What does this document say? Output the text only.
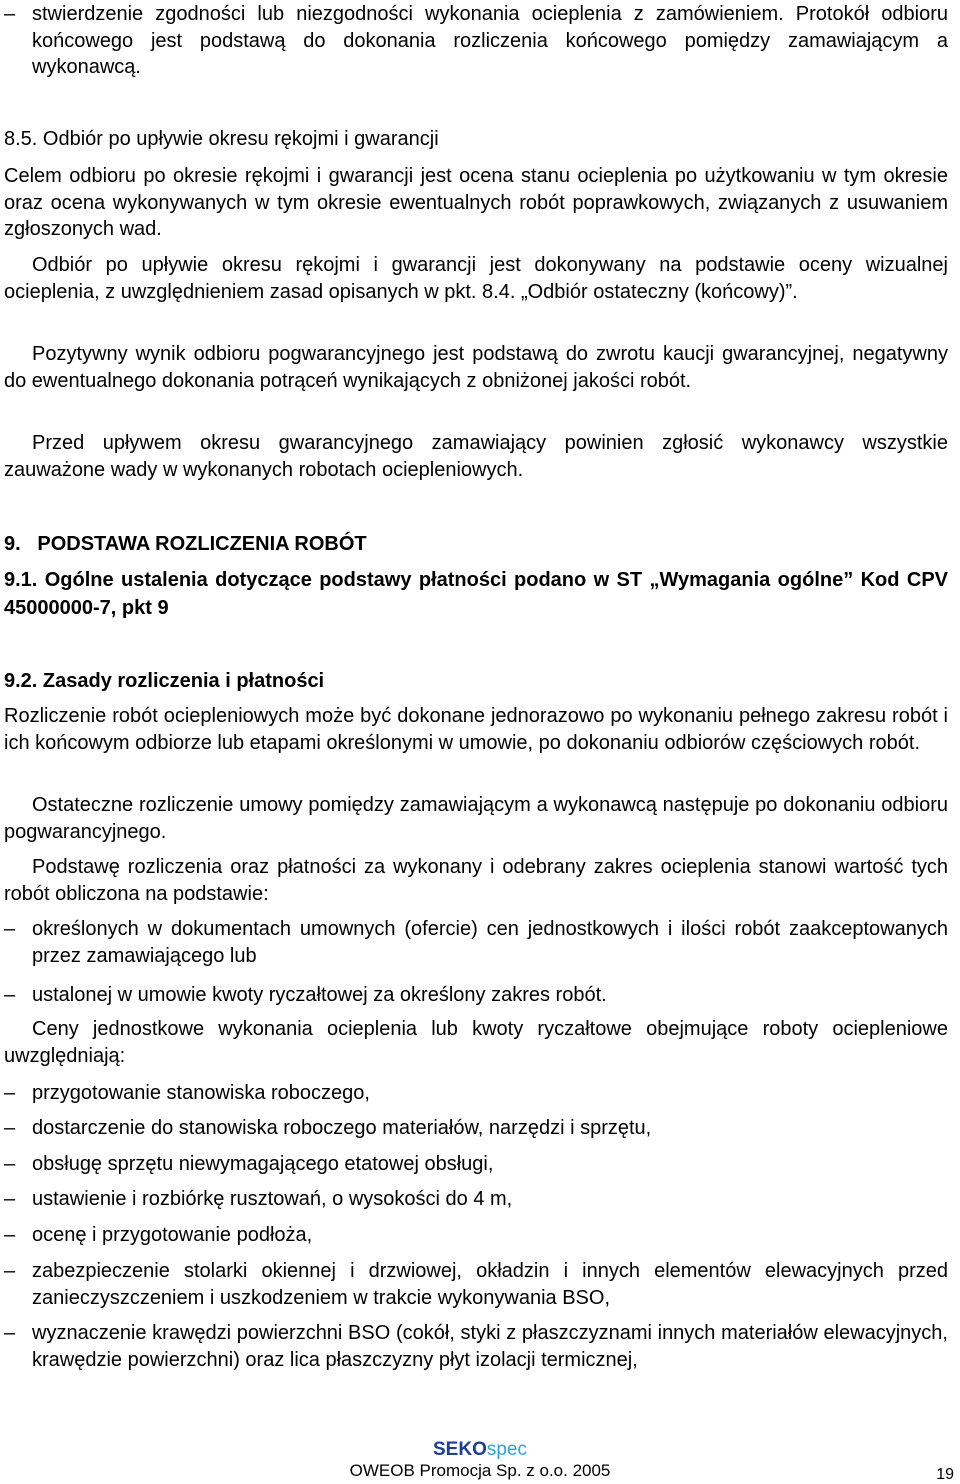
– stwierdzenie zgodności lub niezgodności wykonania ocieplenia z zamówieniem. Protokół odbioru końcowego jest podstawą do dokonania rozliczenia końcowego pomiędzy zamawiającym a wykonawcą.
8.5. Odbiór po upływie okresu rękojmi i gwarancji

Celem odbioru po okresie rękojmi i gwarancji jest ocena stanu ocieplenia po użytkowaniu w tym okresie oraz ocena wykonywanych w tym okresie ewentualnych robót poprawkowych, związanych z usuwaniem zgłoszonych wad.

Odbiór po upływie okresu rękojmi i gwarancji jest dokonywany na podstawie oceny wizualnej ocieplenia, z uwzględnieniem zasad opisanych w pkt. 8.4. „Odbiór ostateczny (końcowy)”.

Pozytywny wynik odbioru pogwarancyjnego jest podstawą do zwrotu kaucji gwarancyjnej, negatywny do ewentualnego dokonania potrąceń wynikających z obniżonej jakości robót.

Przed upływem okresu gwarancyjnego zamawiający powinien zgłosić wykonawcy wszystkie zauważone wady w wykonanych robotach ociepleniowych.

9.   PODSTAWA ROZLICZENIA ROBÓT
9.1. Ogólne ustalenia dotyczące podstawy płatności podano w ST „Wymagania ogólne” Kod CPV 45000000-7, pkt 9
9.2. Zasady rozliczenia i płatności

Rozliczenie robót ociepleniowych może być dokonane jednorazowo po wykonaniu pełnego zakresu robót i ich końcowym odbiorze lub etapami określonymi w umowie, po dokonaniu odbiorów częściowych robót.

Ostateczne rozliczenie umowy pomiędzy zamawiającym a wykonawcą następuje po dokonaniu odbioru pogwarancyjnego.

Podstawę rozliczenia oraz płatności za wykonany i odebrany zakres ocieplenia stanowi wartość tych robót obliczona na podstawie:

– określonych w dokumentach umownych (ofercie) cen jednostkowych i ilości robót zaakceptowanych przez zamawiającego lub
– ustalonej w umowie kwoty ryczałtowej za określony zakres robót.

Ceny jednostkowe wykonania ocieplenia lub kwoty ryczałtowe obejmujące roboty ociepleniowe uwzględniają:

– przygotowanie stanowiska roboczego,
– dostarczenie do stanowiska roboczego materiałów, narzędzi i sprzętu,
– obsługę sprzętu niewymagającego etatowej obsługi,
– ustawienie i rozbiórkę rusztowań, o wysokości do 4 m,
– ocenę i przygotowanie podłoża,
– zabezpieczenie stolarki okiennej i drzwiowej, okładzin i innych elementów elewacyjnych przed zanieczyszczeniem i uszkodzeniem w trakcie wykonywania BSO,
– wyznaczenie krawędzi powierzchni BSO (cokół, styki z płaszczyznami innych materiałów elewacyjnych, krawędzie powierzchni) oraz lica płaszczyzny płyt izolacji termicznej,
SEKOspec
OWEOB Promocja Sp. z o.o. 2005	19
